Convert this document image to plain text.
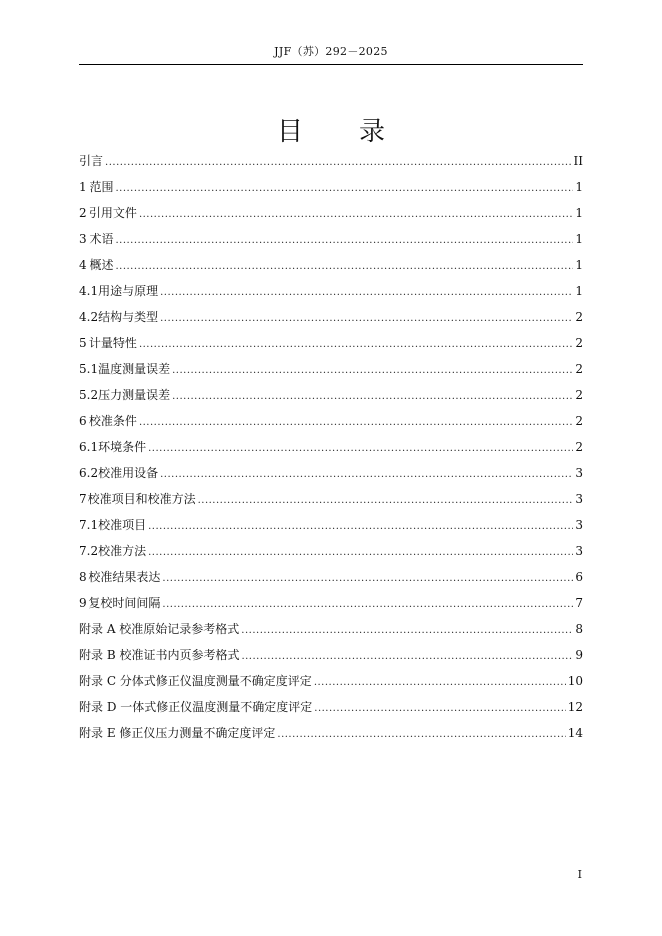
JJF（苏）292－2025
目 录
引 言 .....	II
1 范围 .....	1
2 引用文件 .....	1
3 术语 .....	1
4 概述 .....	1
4.1 用途与原理 .....	1
4.2 结构与类型 .....	2
5 计量特性 .....	2
5.1 温度测量误差 .....	2
5.2 压力测量误差 .....	2
6 校准条件 .....	2
6.1 环境条件 .....	2
6.2 校准用设备 .....	3
7 校准项目和校准方法 .....	3
7.1 校准项目 .....	3
7.2 校准方法 .....	3
8 校准结果表达 .....	6
9 复校时间间隔 .....	7
附录 A 校准原始记录参考格式 .....	8
附录 B 校准证书内页参考格式 .....	9
附录 C 分体式修正仪温度测量不确定度评定 .....	10
附录 D 一体式修正仪温度测量不确定度评定 .....	12
附录 E 修正仪压力测量不确定度评定 .....	14
I
